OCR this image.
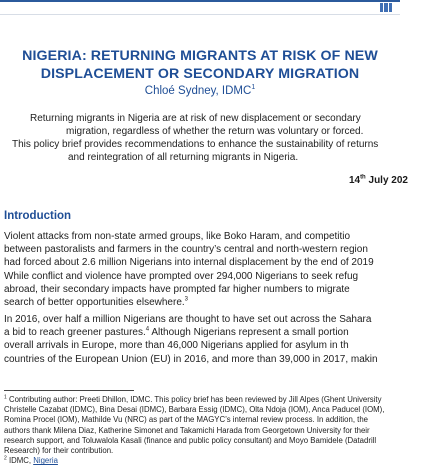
NIGERIA: RETURNING MIGRANTS AT RISK OF NEW
DISPLACEMENT OR SECONDARY MIGRATION
Chloé Sydney, IDMC$^1$
Returning migrants in Nigeria are at risk of new displacement or secondary
migration, regardless of whether the return was voluntary or forced.
This policy brief provides recommendations to enhance the sustainability of returns
and reintegration of all returning migrants in Nigeria.
14th July 202
Introduction
Violent attacks from non-state armed groups, like Boko Haram, and competitio
between pastoralists and farmers in the country’s central and north-western region
had forced about 2.6 million Nigerians into internal displacement by the end of 2019
While conflict and violence have prompted over 294,000 Nigerians to seek refug
abroad, their secondary impacts have prompted far higher numbers to migrate
search of better opportunities elsewhere.$^3$
In 2016, over half a million Nigerians are thought to have set out across the Sahara
a bid to reach greener pastures.$^4$ Although Nigerians represent a small portion
overall arrivals in Europe, more than 46,000 Nigerians applied for asylum in th
countries of the European Union (EU) in 2016, and more than 39,000 in 2017, makin
$^1$ Contributing author: Preeti Dhillon, IDMC. This policy brief has been reviewed by Jill Alpes (Ghent University
Christelle Cazabat (IDMC), Bina Desai (IDMC), Barbara Essig (IDMC), Olta Ndoja (IOM), Anca Paducel (IOM),
Romina Procel (IOM), Mathilde Vu (NRC) as part of the MAGYC’s internal review process. In addition, the
authors thank Milena Diaz, Katherine Simonet and Takamichi Harada from Georgetown University for their
research support, and Toluwalola Kasali (finance and public policy consultant) and Moyo Bamidele (Datadrill
Research) for their contribution.
$^2$ IDMC, Nigeria
